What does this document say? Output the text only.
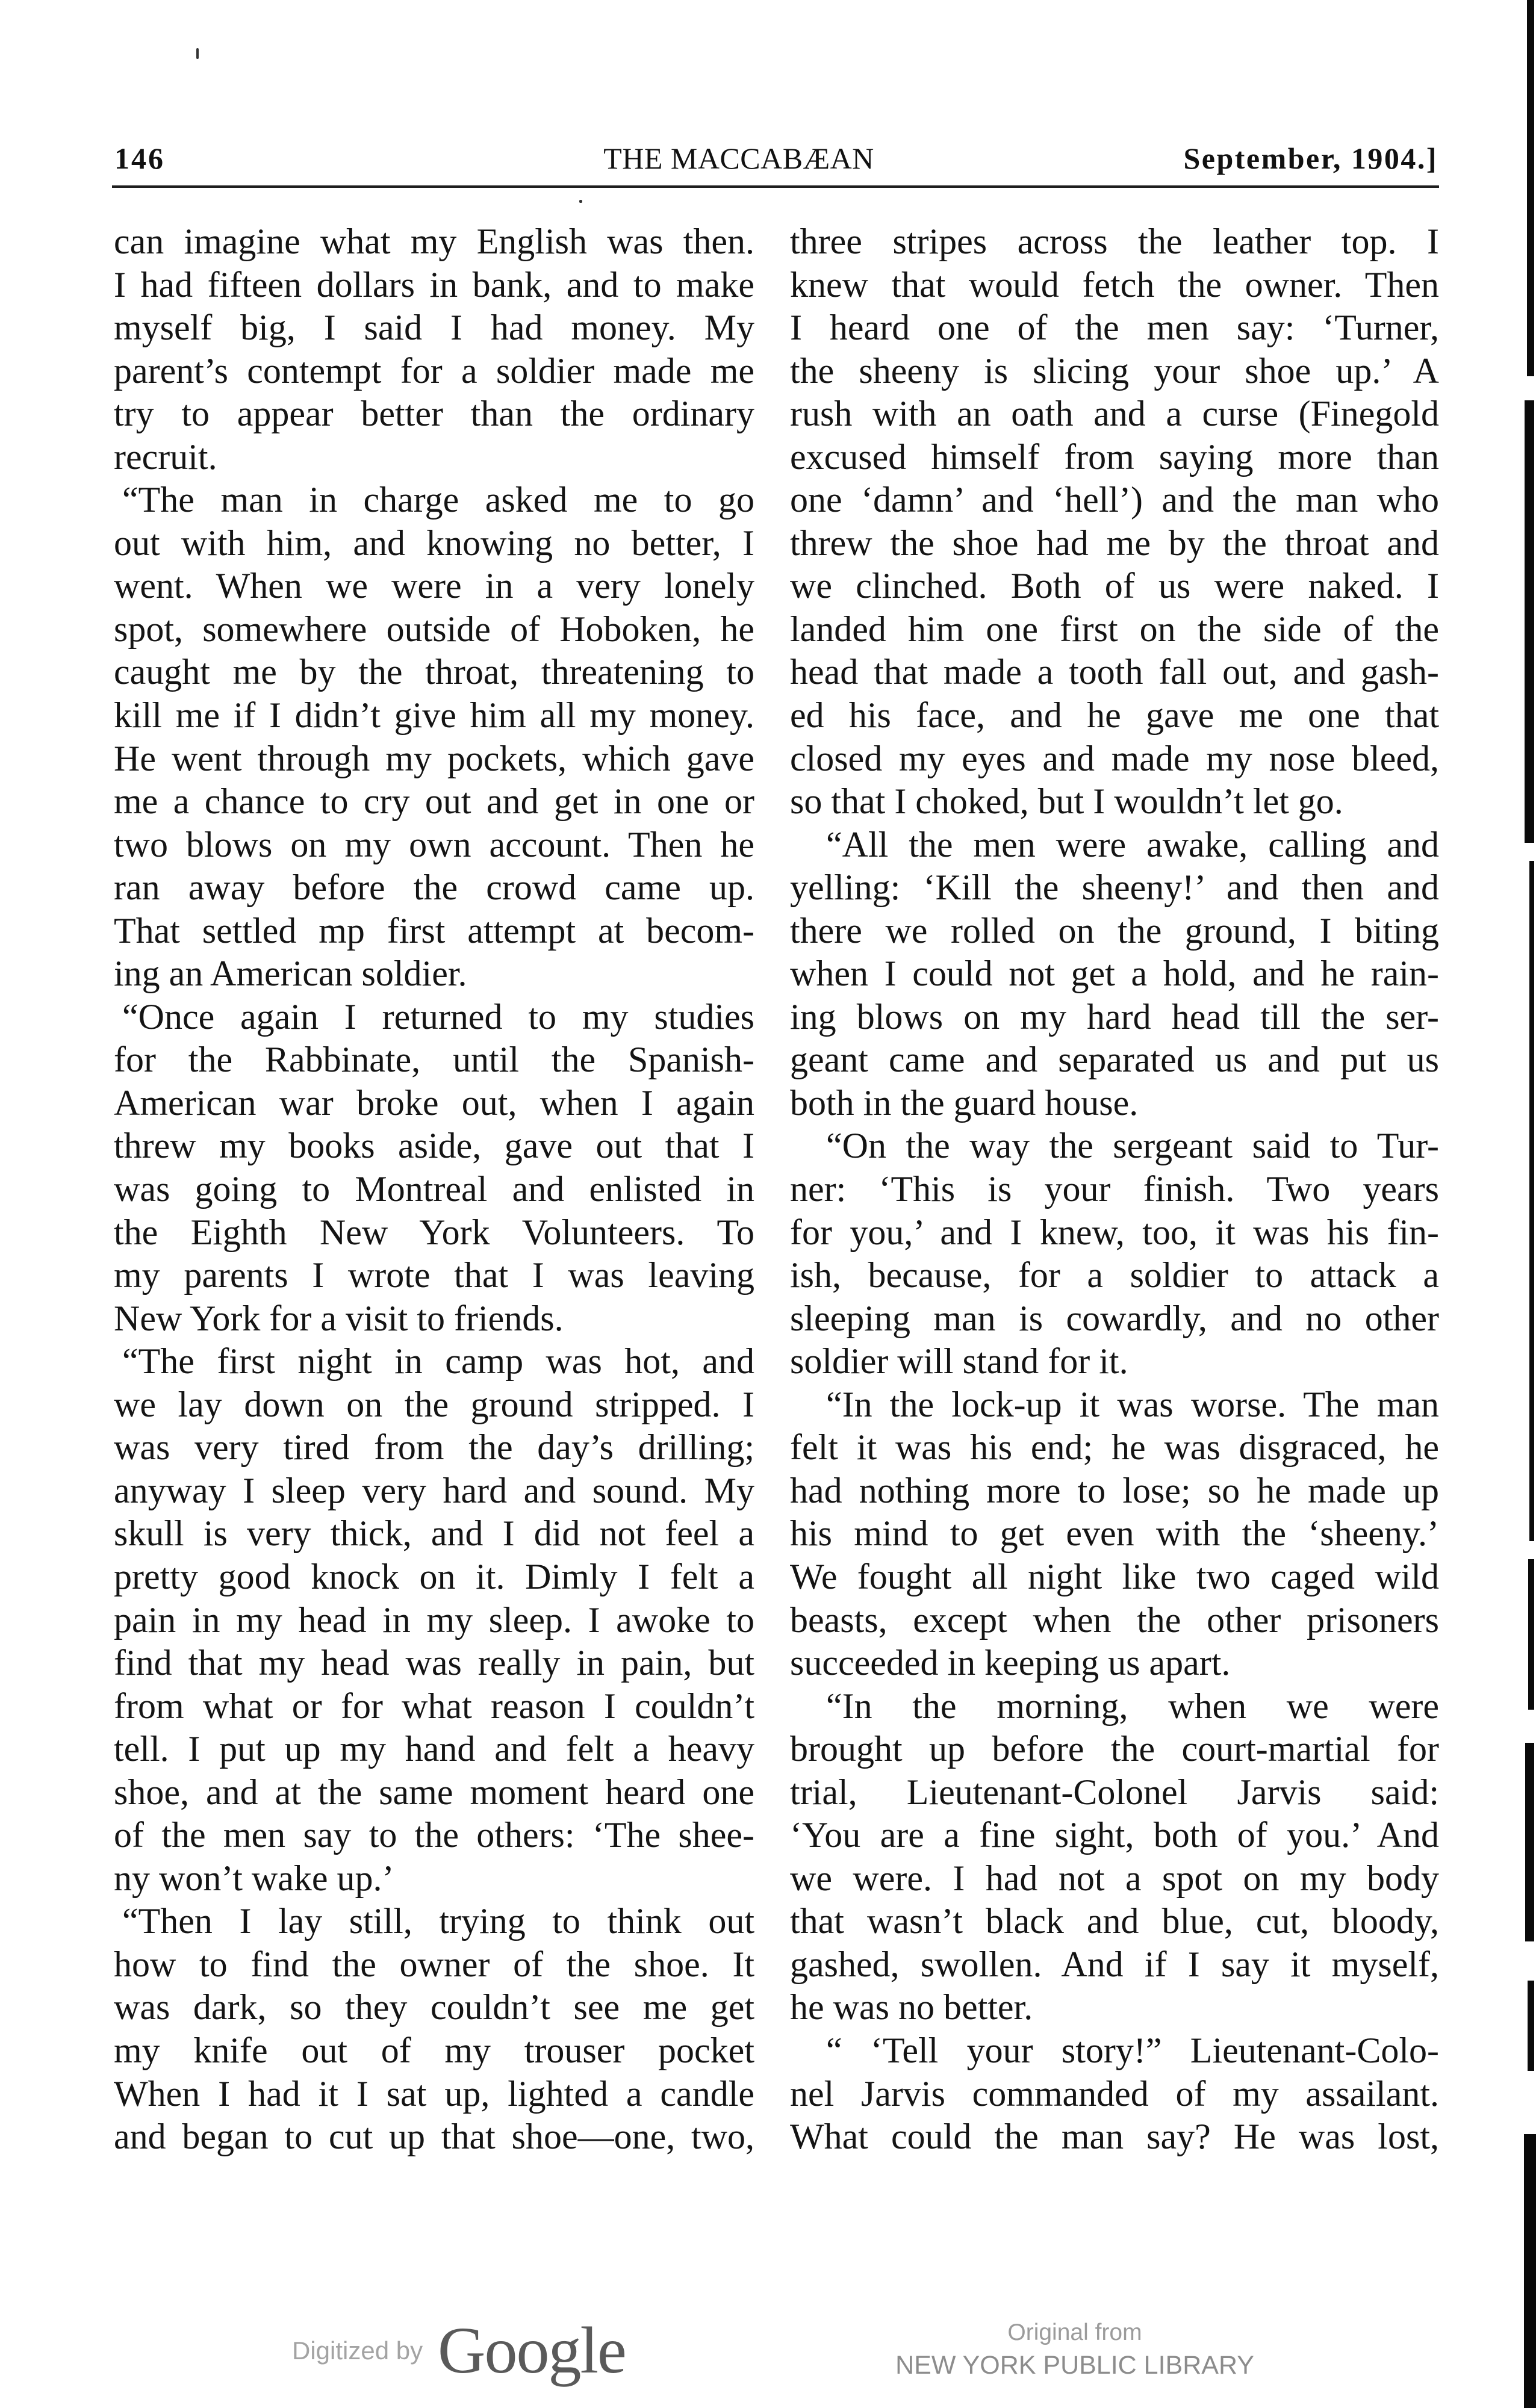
146	THE MACCABÆAN	September, 1904.]
can imagine what my English was then.
I had fifteen dollars in bank, and to make
myself big, I said I had money. My
parent’s contempt for a soldier made me
try to appear better than the ordinary
recruit.
“The man in charge asked me to go
out with him, and knowing no better, I
went. When we were in a very lonely
spot, somewhere outside of Hoboken, he
caught me by the throat, threatening to
kill me if I didn’t give him all my money.
He went through my pockets, which gave
me a chance to cry out and get in one or
two blows on my own account. Then he
ran away before the crowd came up.
That settled mp first attempt at becom-
ing an American soldier.
“Once again I returned to my studies
for the Rabbinate, until the Spanish-
American war broke out, when I again
threw my books aside, gave out that I
was going to Montreal and enlisted in
the Eighth New York Volunteers. To
my parents I wrote that I was leaving
New York for a visit to friends.
“The first night in camp was hot, and
we lay down on the ground stripped. I
was very tired from the day’s drilling;
anyway I sleep very hard and sound. My
skull is very thick, and I did not feel a
pretty good knock on it. Dimly I felt a
pain in my head in my sleep. I awoke to
find that my head was really in pain, but
from what or for what reason I couldn’t
tell. I put up my hand and felt a heavy
shoe, and at the same moment heard one
of the men say to the others: ‘The shee-
ny won’t wake up.’
“Then I lay still, trying to think out
how to find the owner of the shoe. It
was dark, so they couldn’t see me get
my knife out of my trouser pocket
When I had it I sat up, lighted a candle
and began to cut up that shoe—one, two,
three stripes across the leather top. I
knew that would fetch the owner. Then
I heard one of the men say: ‘Turner,
the sheeny is slicing your shoe up.’ A
rush with an oath and a curse (Finegold
excused himself from saying more than
one ‘damn’ and ‘hell’) and the man who
threw the shoe had me by the throat and
we clinched. Both of us were naked. I
landed him one first on the side of the
head that made a tooth fall out, and gash-
ed his face, and he gave me one that
closed my eyes and made my nose bleed,
so that I choked, but I wouldn’t let go.
“All the men were awake, calling and
yelling: ‘Kill the sheeny!’ and then and
there we rolled on the ground, I biting
when I could not get a hold, and he rain-
ing blows on my hard head till the ser-
geant came and separated us and put us
both in the guard house.
“On the way the sergeant said to Tur-
ner: ‘This is your finish. Two years
for you,’ and I knew, too, it was his fin-
ish, because, for a soldier to attack a
sleeping man is cowardly, and no other
soldier will stand for it.
“In the lock-up it was worse. The man
felt it was his end; he was disgraced, he
had nothing more to lose; so he made up
his mind to get even with the ‘sheeny.’
We fought all night like two caged wild
beasts, except when the other prisoners
succeeded in keeping us apart.
“In the morning, when we were
brought up before the court-martial for
trial, Lieutenant-Colonel Jarvis said:
‘You are a fine sight, both of you.’ And
we were. I had not a spot on my body
that wasn’t black and blue, cut, bloody,
gashed, swollen. And if I say it myself,
he was no better.
“ ‘Tell your story!” Lieutenant-Colo-
nel Jarvis commanded of my assailant.
What could the man say? He was lost,
Digitized by Google	Original from
NEW YORK PUBLIC LIBRARY
